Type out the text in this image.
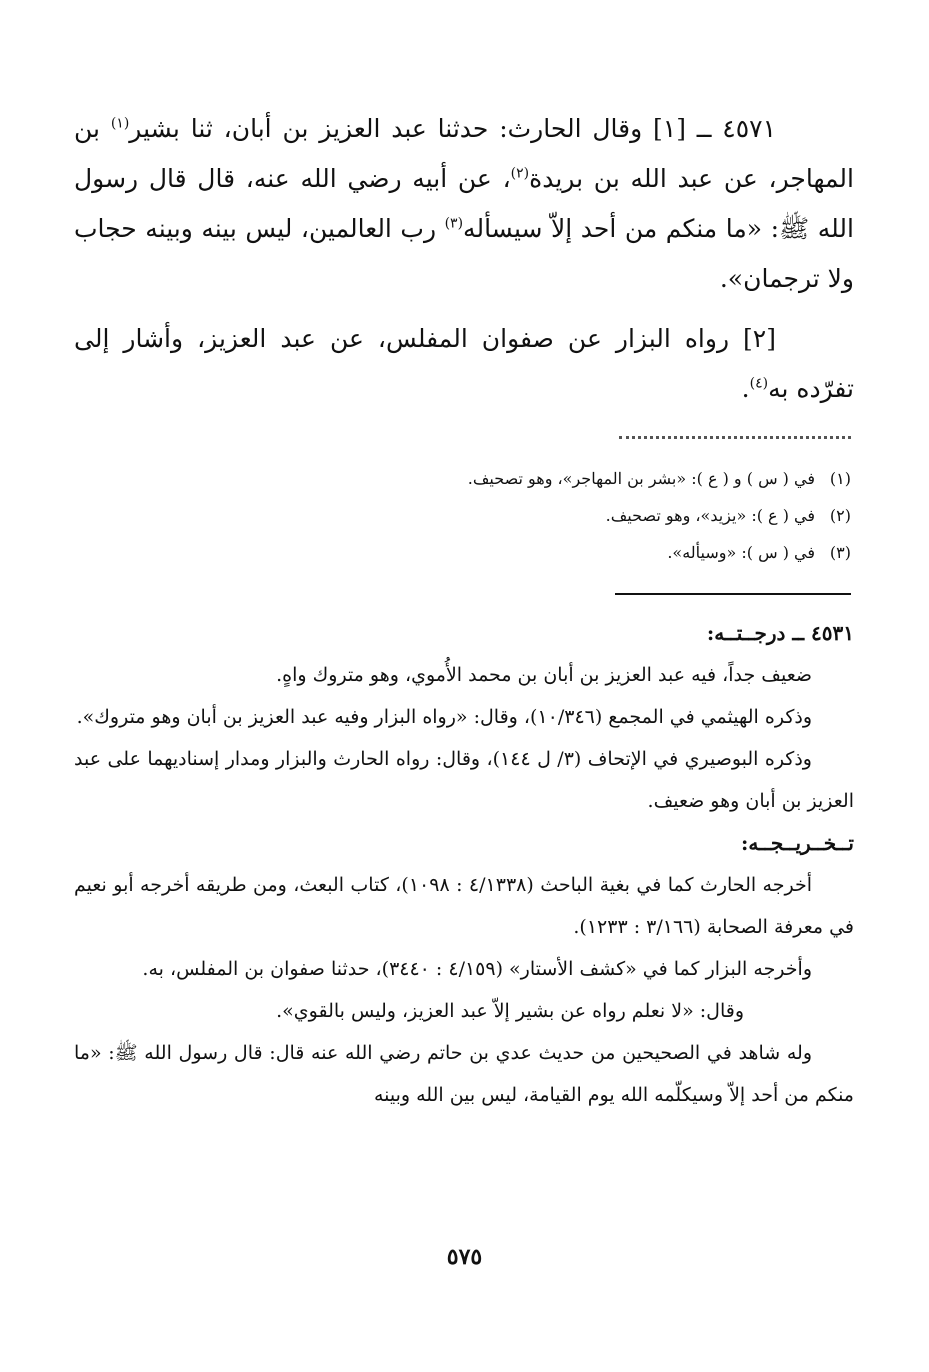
٤٥٧١ ــ [١] وقال الحارث: حدثنا عبد العزيز بن أبان، ثنا بشير$^{(١)}$ بن المهاجر، عن عبد الله بن بريدة$^{(٢)}$، عن أبيه رضي الله عنه، قال قال رسول الله ﷺ: «ما منكم من أحد إلاّ سيسأله$^{(٣)}$ رب العالمين، ليس بينه وبينه حجاب ولا ترجمان».

[٢] رواه البزار عن صفوان المفلس، عن عبد العزيز، وأشار إلى تفرّده به$^{(٤)}$.

(١)في ( س ) و ( ع ): «بشر بن المهاجر»، وهو تصحيف.

(٢)في ( ع ): «يزيد»، وهو تصحيف.

(٣)في ( س ): «وسيأله».

٤٥٣١ ــ درجــتــه:

ضعيف جداً، فيه عبد العزيز بن أبان بن محمد الأُموي، وهو متروك واهٍ.

وذكره الهيثمي في المجمع (١٠/٣٤٦)، وقال: «رواه البزار وفيه عبد العزيز بن أبان وهو متروك».

وذكره البوصيري في الإتحاف (٣/ ل ١٤٤)، وقال: رواه الحارث والبزار ومدار إسناديهما على عبد العزيز بن أبان وهو ضعيف.

تــخــريــجــه:

أخرجه الحارث كما في بغية الباحث (٤/١٣٣٨ : ١٠٩٨)، كتاب البعث، ومن طريقه أخرجه أبو نعيم في معرفة الصحابة (٣/١٦٦ : ١٢٣٣).

وأخرجه البزار كما في «كشف الأستار» (٤/١٥٩ : ٣٤٤٠)، حدثنا صفوان بن المفلس، به.

وقال: «لا نعلم رواه عن بشير إلاّ عبد العزيز، وليس بالقوي».

وله شاهد في الصحيحين من حديث عدي بن حاتم رضي الله عنه قال: قال رسول الله ﷺ: «ما منكم من أحد إلاّ وسيكلّمه الله يوم القيامة، ليس بين الله وبينه

٥٧٥
